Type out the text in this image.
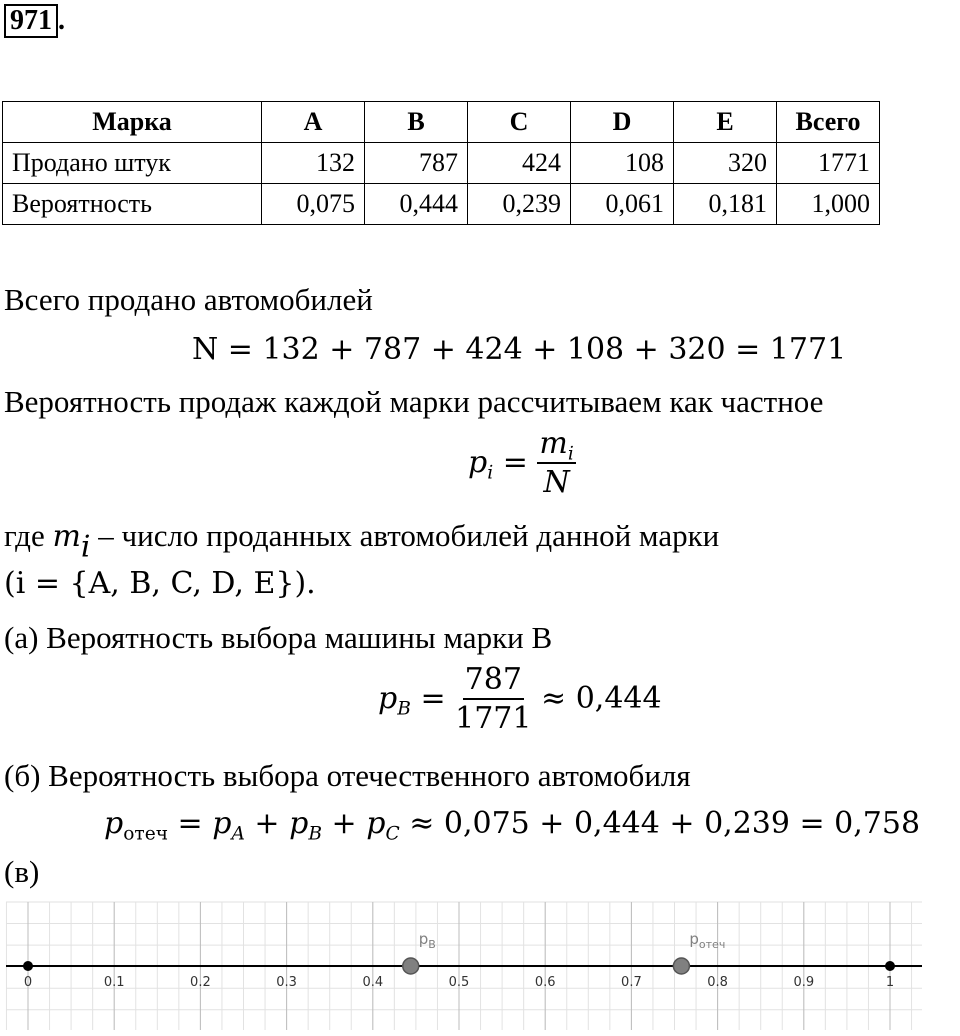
971 .
Марка	A	B	C	D	E	Всего
Продано штук	132	787	424	108	320	1771
Вероятность	0,075	0,444	0,239	0,061	0,181	1,000
Всего продано автомобилей
N = 132 + 787 + 424 + 108 + 320 = 1771
Вероятность продаж каждой марки рассчитываем как частное
$p_i = \frac{m_i}{N}$
где $m_i$ – число проданных автомобилей данной марки
(i = {A, B, C, D, E}).
(а) Вероятность выбора машины марки B
$p_B = \frac{787}{1771} \approx 0,444$
(б) Вероятность выбора отечественного автомобиля
$p_{отеч} = p_A + p_B + p_C \approx 0,075 + 0,444 + 0,239 = 0,758$
(в)
0	0.1	0.2	0.3	0.4	0.5	0.6	0.7	0.8	0.9	1
$p_B$	$p_{отеч}$
